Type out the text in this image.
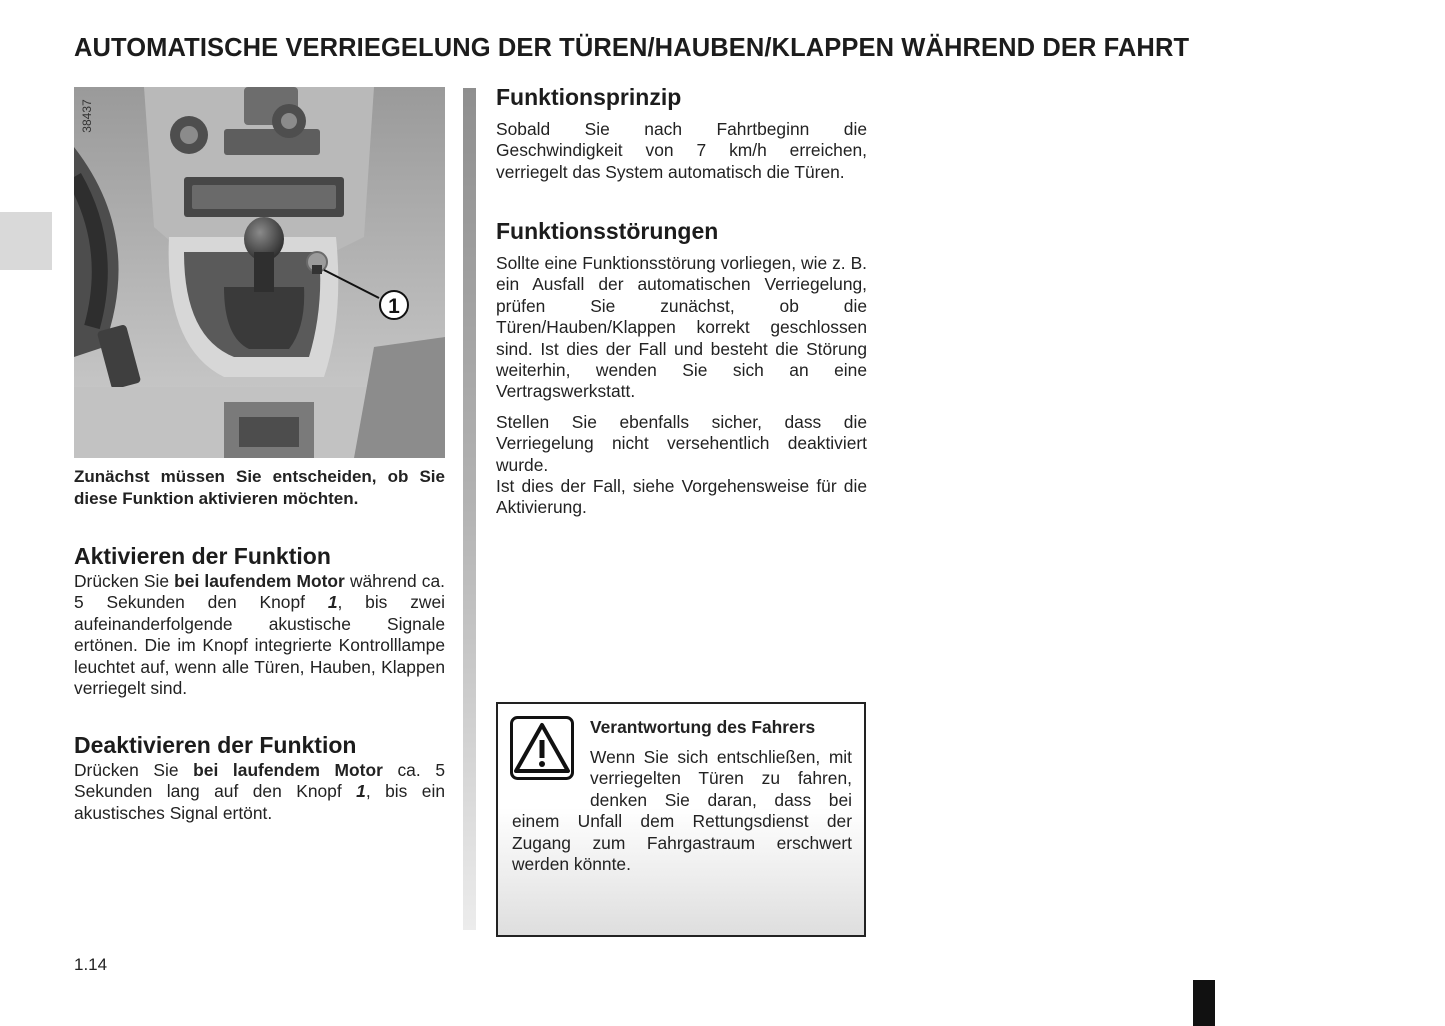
AUTOMATISCHE VERRIEGELUNG DER TÜREN/HAUBEN/KLAPPEN WÄHREND DER FAHRT
1
38437

Zunächst müssen Sie entscheiden, ob Sie diese Funktion aktivieren möchten.

Aktivieren der Funktion

Drücken Sie bei laufendem Motor während ca. 5 Sekunden den Knopf 1, bis zwei aufeinanderfolgende akustische Signale ertönen. Die im Knopf integrierte Kontrolllampe leuchtet auf, wenn alle Türen, Hauben, Klappen verriegelt sind.

Deaktivieren der Funktion

Drücken Sie bei laufendem Motor ca. 5 Sekunden lang auf den Knopf 1, bis ein akustisches Signal ertönt.

Funktionsprinzip

Sobald Sie nach Fahrtbeginn die Geschwindigkeit von 7 km/h erreichen, verriegelt das System automatisch die Türen.

Funktionsstörungen

Sollte eine Funktionsstörung vorliegen, wie z. B. ein Ausfall der automatischen Verriegelung, prüfen Sie zunächst, ob die Türen/Hauben/Klappen korrekt geschlossen sind. Ist dies der Fall und besteht die Störung weiterhin, wenden Sie sich an eine Vertragswerkstatt.

Stellen Sie ebenfalls sicher, dass die Verriegelung nicht versehentlich deaktiviert wurde.
Ist dies der Fall, siehe Vorgehensweise für die Aktivierung.

Verantwortung des Fahrers

Wenn Sie sich entschließen, mit verriegelten Türen zu fahren, denken Sie daran, dass bei einem Unfall dem Rettungsdienst der Zugang zum Fahrgastraum erschwert werden könnte.

1.14
